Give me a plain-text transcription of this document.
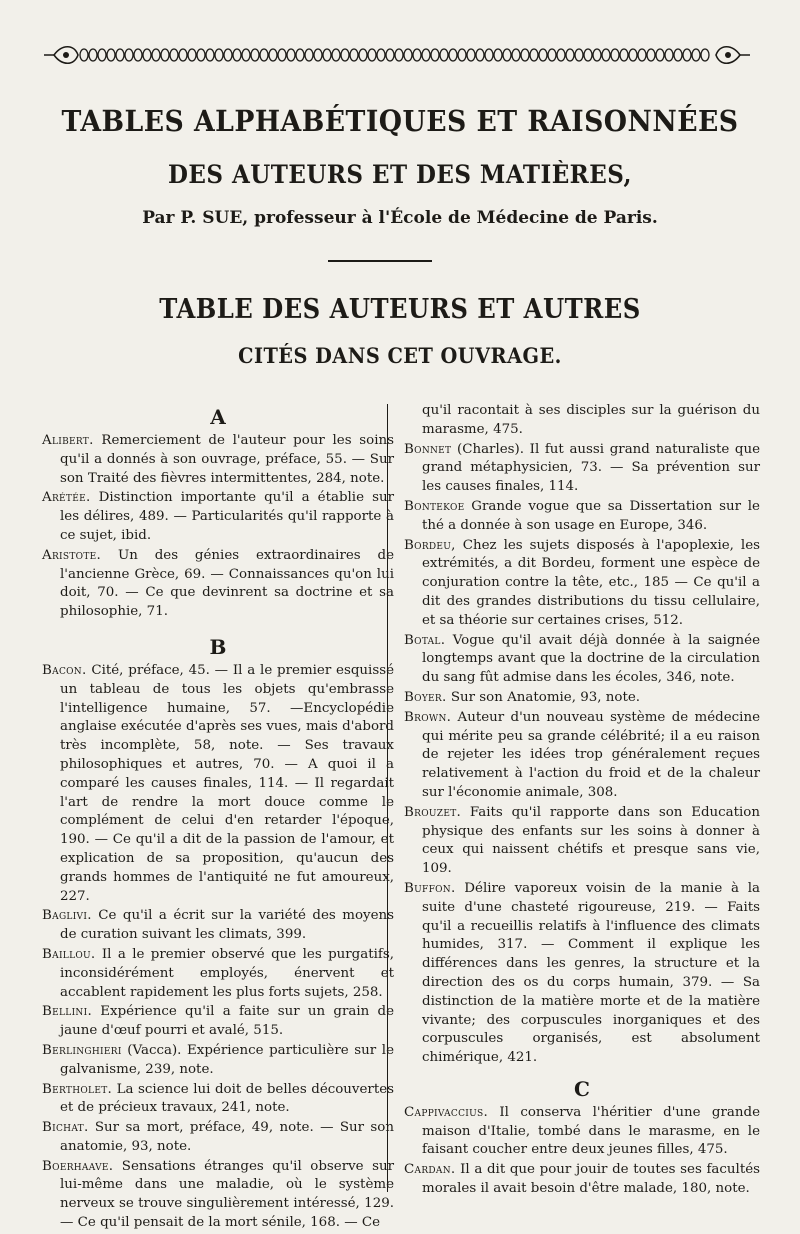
TABLES ALPHABÉTIQUES ET RAISONNÉES
DES AUTEURS ET DES MATIÈRES,
Par P. SUE, professeur à l'École de Médecine de Paris.
TABLE DES AUTEURS ET AUTRES
CITÉS DANS CET OUVRAGE.
A
Alibert. Remerciement de l'auteur pour les soins qu'il a donnés à son ouvrage, préface, 55. — Sur son Traité des fièvres intermittentes, 284, note.
Arétée. Distinction importante qu'il a établie sur les délires, 489. — Particularités qu'il rapporte à ce sujet, ibid.
Aristote. Un des génies extraordinaires de l'ancienne Grèce, 69. — Connaissances qu'on lui doit, 70. — Ce que devinrent sa doctrine et sa philosophie, 71.
B
Bacon. Cité, préface, 45. — Il a le premier esquissé un tableau de tous les objets qu'embrasse l'intelligence humaine, 57. —Encyclopédie anglaise exécutée d'après ses vues, mais d'abord très incomplète, 58, note. — Ses travaux philosophiques et autres, 70. — A quoi il a comparé les causes finales, 114. — Il regardait l'art de rendre la mort douce comme le complément de celui d'en retarder l'époque, 190. — Ce qu'il a dit de la passion de l'amour, et explication de sa proposition, qu'aucun des grands hommes de l'antiquité ne fut amoureux, 227.
Baglivi. Ce qu'il a écrit sur la variété des moyens de curation suivant les climats, 399.
Baillou. Il a le premier observé que les purgatifs, inconsidérément employés, énervent et accablent rapidement les plus forts sujets, 258.
Bellini. Expérience qu'il a faite sur un grain de jaune d'œuf pourri et avalé, 515.
Berlinghieri (Vacca). Expérience particulière sur le galvanisme, 239, note.
Bertholet. La science lui doit de belles découvertes et de précieux travaux, 241, note.
Bichat. Sur sa mort, préface, 49, note. — Sur son anatomie, 93, note.
Boerhaave. Sensations étranges qu'il observe sur lui-même dans une maladie, où le système nerveux se trouve singulièrement intéressé, 129. — Ce qu'il pensait de la mort sénile, 168. — Ce
qu'il racontait à ses disciples sur la guérison du marasme, 475.
Bonnet (Charles). Il fut aussi grand naturaliste que grand métaphysicien, 73. — Sa prévention sur les causes finales, 114.
Bontekoe Grande vogue que sa Dissertation sur le thé a donnée à son usage en Europe, 346.
Bordeu, Chez les sujets disposés à l'apoplexie, les extrémités, a dit Bordeu, forment une espèce de conjuration contre la tête, etc., 185 — Ce qu'il a dit des grandes distributions du tissu cellulaire, et sa théorie sur certaines crises, 512.
Botal. Vogue qu'il avait déjà donnée à la saignée longtemps avant que la doctrine de la circulation du sang fût admise dans les écoles, 346, note.
Boyer. Sur son Anatomie, 93, note.
Brown. Auteur d'un nouveau système de médecine qui mérite peu sa grande célébrité; il a eu raison de rejeter les idées trop généralement reçues relativement à l'action du froid et de la chaleur sur l'économie animale, 308.
Brouzet. Faits qu'il rapporte dans son Education physique des enfants sur les soins à donner à ceux qui naissent chétifs et presque sans vie, 109.
Buffon. Délire vaporeux voisin de la manie à la suite d'une chasteté rigoureuse, 219. — Faits qu'il a recueillis relatifs à l'influence des climats humides, 317. — Comment il explique les différences dans les genres, la structure et la direction des os du corps humain, 379. — Sa distinction de la matière morte et de la matière vivante; des corpuscules inorganiques et des corpuscules organisés, est absolument chimérique, 421.
C
Cappivaccius. Il conserva l'héritier d'une grande maison d'Italie, tombé dans le marasme, en le faisant coucher entre deux jeunes filles, 475.
Cardan. Il a dit que pour jouir de toutes ses facultés morales il avait besoin d'être malade, 180, note.
